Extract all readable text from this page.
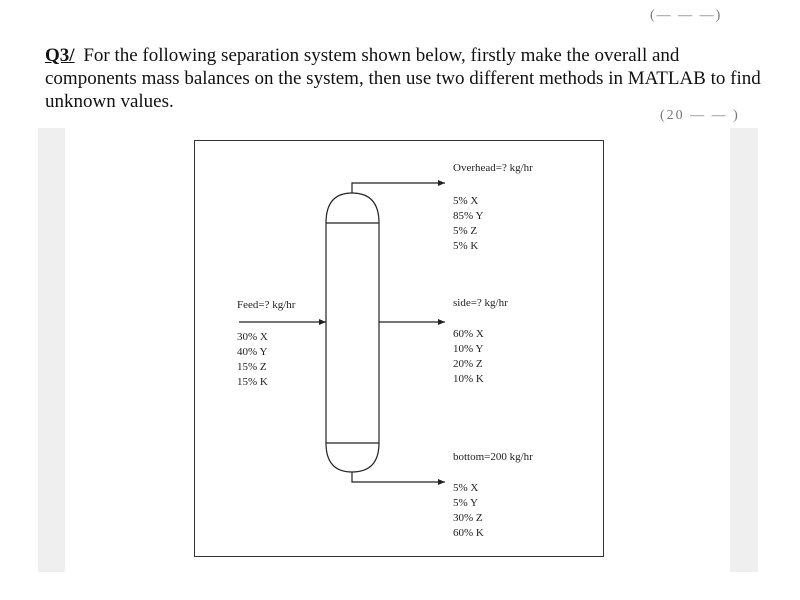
(— — —)
Q3/ For the following separation system shown below, firstly make the overall and components mass balances on the system, then use two different methods in MATLAB to find unknown values.
(20 — — )
Overhead=? kg/hr
5% X
85% Y
5% Z
5% K
Feed=? kg/hr
30% X
40% Y
15% Z
15% K
side=? kg/hr
60% X
10% Y
20% Z
10% K
bottom=200 kg/hr
5% X
5% Y
30% Z
60% K
